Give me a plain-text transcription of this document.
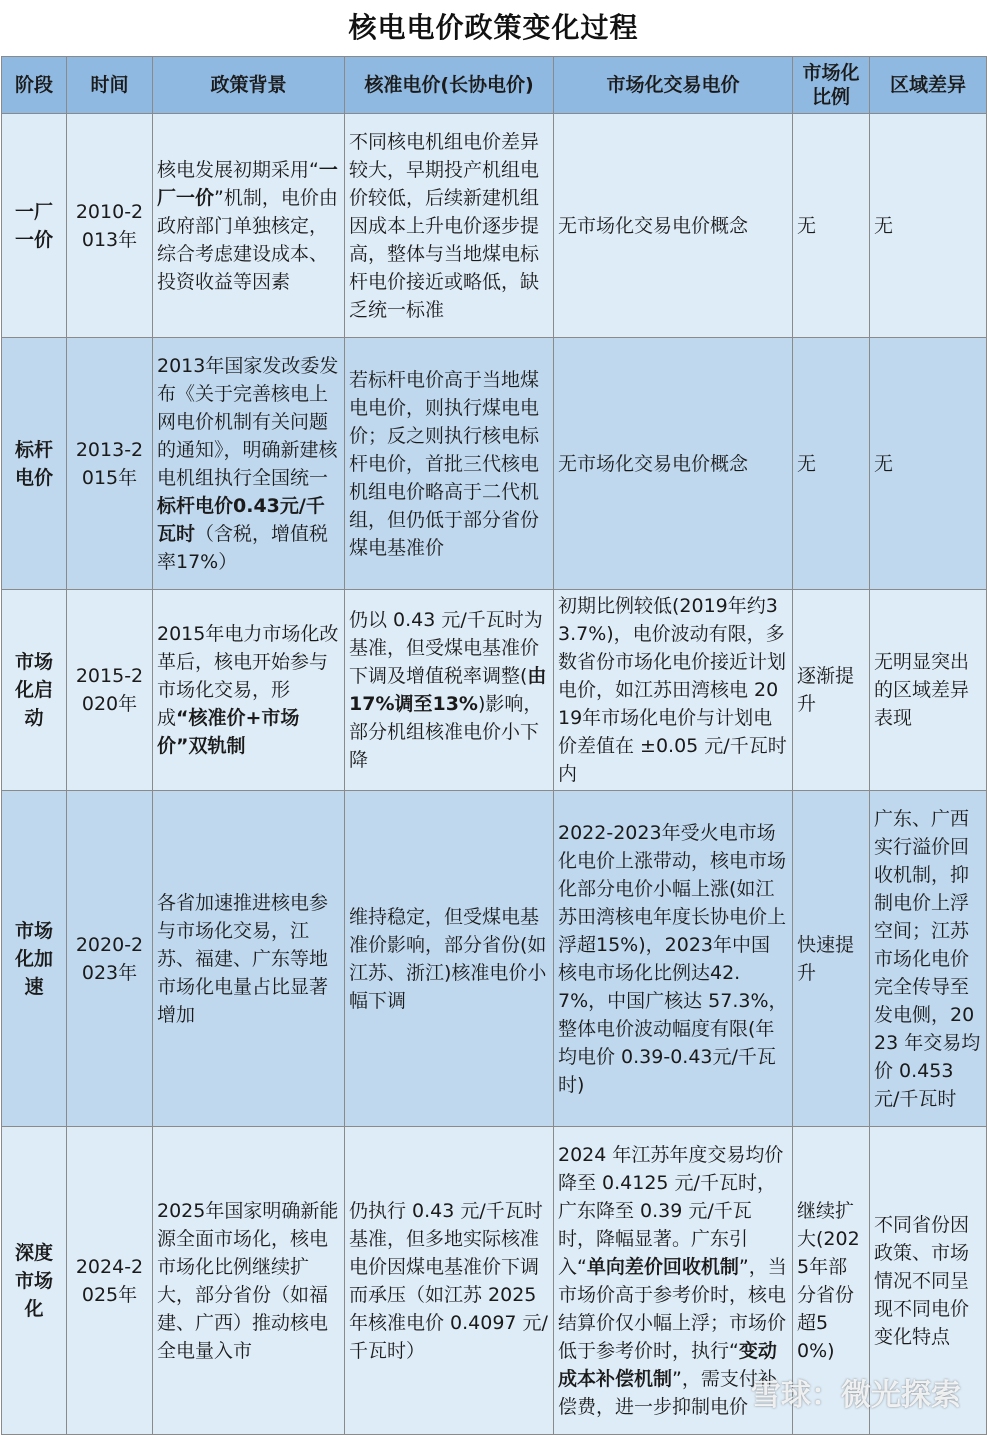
核电电价政策变化过程
阶段	时间	政策背景	核准电价(长协电价)	市场化交易电价	市场化比例	区域差异
一厂一价	2010-2013年	核电发展初期采用“一厂一价”机制，电价由政府部门单独核定，综合考虑建设成本、投资收益等因素	不同核电机组电价差异较大，早期投产机组电价较低，后续新建机组因成本上升电价逐步提高，整体与当地煤电标杆电价接近或略低，缺乏统一标准	无市场化交易电价概念	无	无
标杆电价	2013-2015年	2013年国家发改委发布《关于完善核电上网电价机制有关问题的通知》，明确新建核电机组执行全国统一标杆电价0.43元/千瓦时（含税，增值税率17%）	若标杆电价高于当地煤电电价，则执行煤电电价；反之则执行核电标杆电价，首批三代核电机组电价略高于二代机组，但仍低于部分省份煤电基准价	无市场化交易电价概念	无	无
市场化启动	2015-2020年	2015年电力市场化改革后，核电开始参与市场化交易，形成“核准价+市场价”双轨制	仍以 0.43 元/千瓦时为基准，但受煤电基准价下调及增值税率调整(由17%调至13%)影响，部分机组核准电价小下降	初期比例较低(2019年约33.7%)，电价波动有限，多数省份市场化电价接近计划电价，如江苏田湾核电 2019年市场化电价与计划电价差值在 ±0.05 元/千瓦时内	逐渐提升	无明显突出的区域差异表现
市场化加速	2020-2023年	各省加速推进核电参与市场化交易，江苏、福建、广东等地市场化电量占比显著增加	维持稳定，但受煤电基准价影响，部分省份(如江苏、浙江)核准电价小幅下调	2022-2023年受火电市场化电价上涨带动，核电市场化部分电价小幅上涨(如江苏田湾核电年度长协电价上浮超15%)，2023年中国核电市场化比例达42.7%，中国广核达 57.3%，整体电价波动幅度有限(年均电价 0.39-0.43元/千瓦时)	快速提升	广东、广西实行溢价回收机制，抑制电价上浮空间；江苏市场化电价完全传导至发电侧，2023 年交易均价 0.453 元/千瓦时
深度市场化	2024-2025年	2025年国家明确新能源全面市场化，核电市场化比例继续扩大，部分省份（如福建、广西）推动核电全电量入市	仍执行 0.43 元/千瓦时基准，但多地实际核准电价因煤电基准价下调而承压（如江苏 2025 年核准电价 0.4097 元/千瓦时）	2024 年江苏年度交易均价降至 0.4125 元/千瓦时，广东降至 0.39 元/千瓦时，降幅显著。广东引入“单向差价回收机制”，当市场价高于参考价时，核电结算价仅小幅上浮；市场价低于参考价时，执行“变动成本补偿机制”，需支付补偿费，进一步抑制电价	继续扩大(2025年部分省份超50%)	不同省份因政策、市场情况不同呈现不同电价变化特点
雪球：微光探索
